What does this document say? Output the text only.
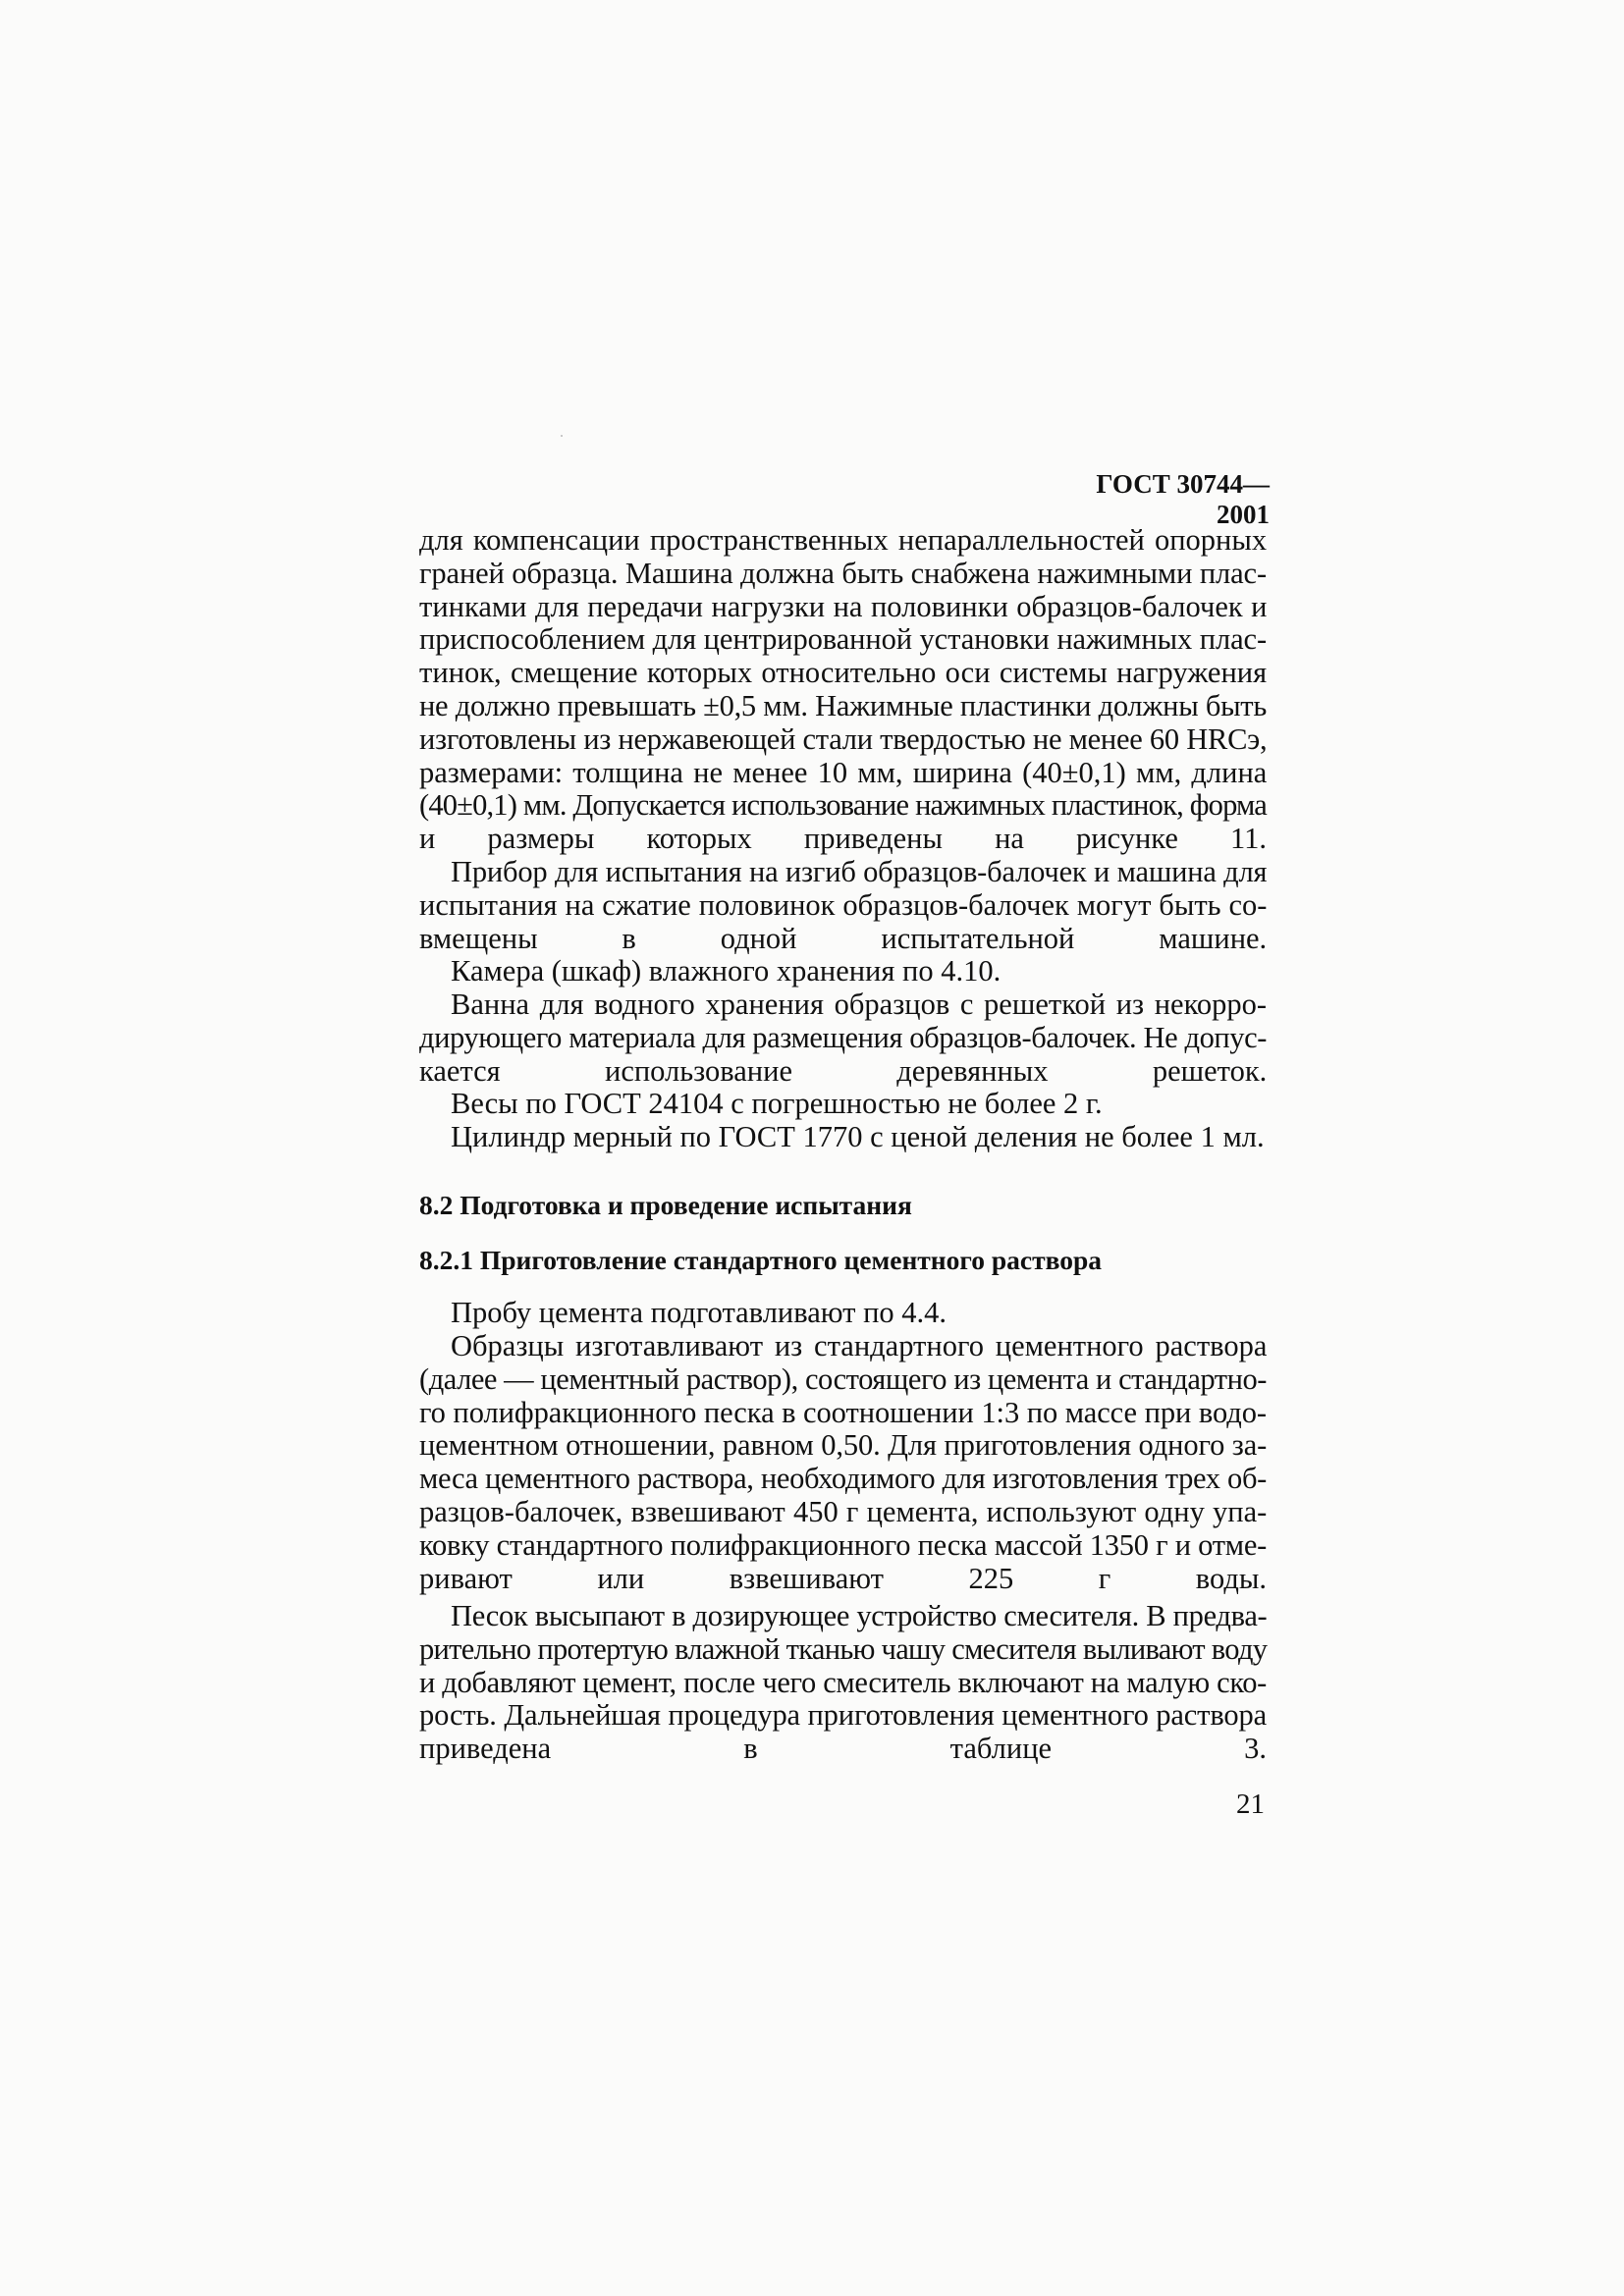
ГОСТ 30744—2001
для компенсации пространственных непараллельностей опорных
граней образца. Машина должна быть снабжена нажимными плас-
тинками для передачи нагрузки на половинки образцов-балочек и
приспособлением для центрированной установки нажимных плас-
тинок, смещение которых относительно оси системы нагружения
не должно превышать ±0,5 мм. Нажимные пластинки должны быть
изготовлены из нержавеющей стали твердостью не менее 60 HRCэ,
размерами: толщина не менее 10 мм, ширина (40±0,1) мм, длина
(40±0,1) мм. Допускается использование нажимных пластинок, форма
и размеры которых приведены на рисунке 11.
Прибор для испытания на изгиб образцов-балочек и машина для
испытания на сжатие половинок образцов-балочек могут быть со-
вмещены в одной испытательной машине.
Камера (шкаф) влажного хранения по 4.10.
Ванна для водного хранения образцов с решеткой из некорро-
дирующего материала для размещения образцов-балочек. Не допус-
кается использование деревянных решеток.
Весы по ГОСТ 24104 с погрешностью не более 2 г.
Цилиндр мерный по ГОСТ 1770 с ценой деления не более 1 мл.
8.2 Подготовка и проведение испытания
8.2.1 Приготовление стандартного цементного раствора
Пробу цемента подготавливают по 4.4.
Образцы изготавливают из стандартного цементного раствора
(далее — цементный раствор), состоящего из цемента и стандартно-
го полифракционного песка в соотношении 1:3 по массе при водо-
цементном отношении, равном 0,50. Для приготовления одного за-
меса цементного раствора, необходимого для изготовления трех об-
разцов-балочек, взвешивают 450 г цемента, используют одну упа-
ковку стандартного полифракционного песка массой 1350 г и отме-
ривают или взвешивают 225 г воды.
Песок высыпают в дозирующее устройство смесителя. В предва-
рительно протертую влажной тканью чашу смесителя выливают воду
и добавляют цемент, после чего смеситель включают на малую ско-
рость. Дальнейшая процедура приготовления цементного раствора
приведена в таблице 3.
21
